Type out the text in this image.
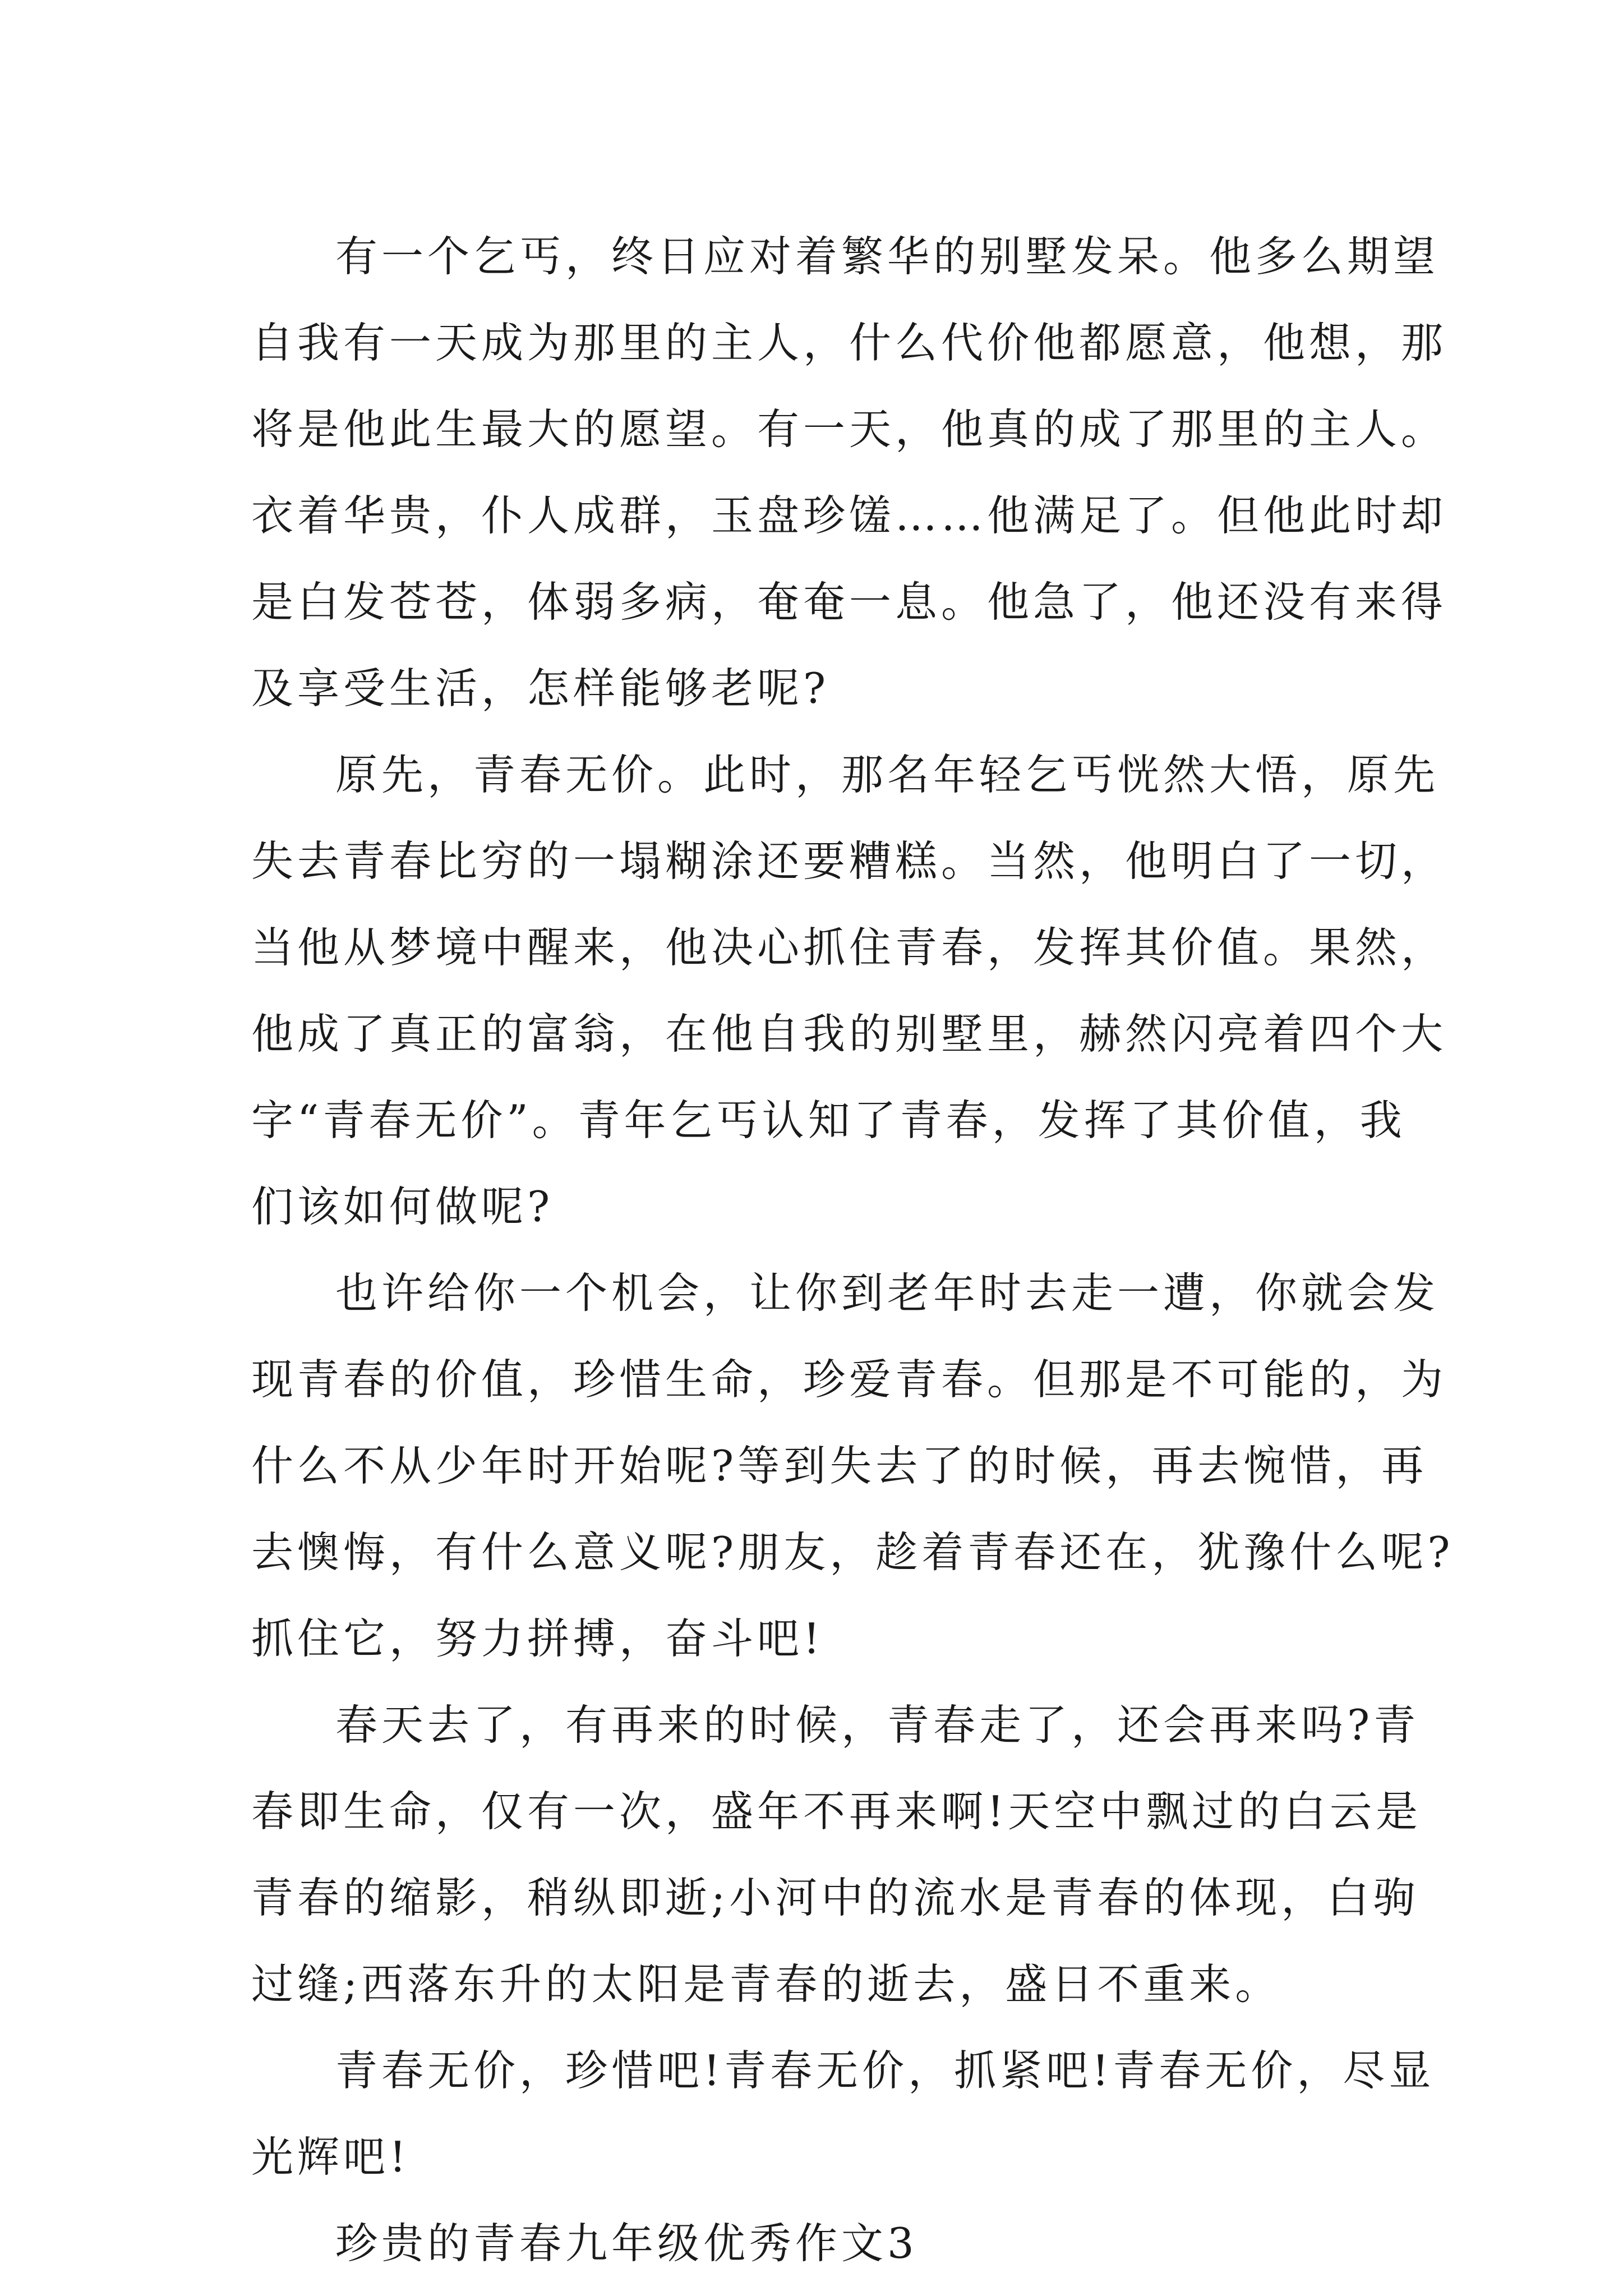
有一个乞丐，终日应对着繁华的别墅发呆。他多么期望
自我有一天成为那里的主人，什么代价他都愿意，他想，那
将是他此生最大的愿望。有一天，他真的成了那里的主人。
衣着华贵，仆人成群，玉盘珍馐……他满足了。但他此时却
是白发苍苍，体弱多病，奄奄一息。他急了，他还没有来得
及享受生活，怎样能够老呢?

原先，青春无价。此时，那名年轻乞丐恍然大悟，原先
失去青春比穷的一塌糊涂还要糟糕。当然，他明白了一切，
当他从梦境中醒来，他决心抓住青春，发挥其价值。果然，
他成了真正的富翁，在他自我的别墅里，赫然闪亮着四个大
字“青春无价”。青年乞丐认知了青春，发挥了其价值，我
们该如何做呢?

也许给你一个机会，让你到老年时去走一遭，你就会发
现青春的价值，珍惜生命，珍爱青春。但那是不可能的，为
什么不从少年时开始呢?等到失去了的时候，再去惋惜，再
去懊悔，有什么意义呢?朋友，趁着青春还在，犹豫什么呢?
抓住它，努力拼搏，奋斗吧!

春天去了，有再来的时候，青春走了，还会再来吗?青
春即生命，仅有一次，盛年不再来啊!天空中飘过的白云是
青春的缩影，稍纵即逝;小河中的流水是青春的体现，白驹
过缝;西落东升的太阳是青春的逝去，盛日不重来。

青春无价，珍惜吧!青春无价，抓紧吧!青春无价，尽显
光辉吧!

珍贵的青春九年级优秀作文3
